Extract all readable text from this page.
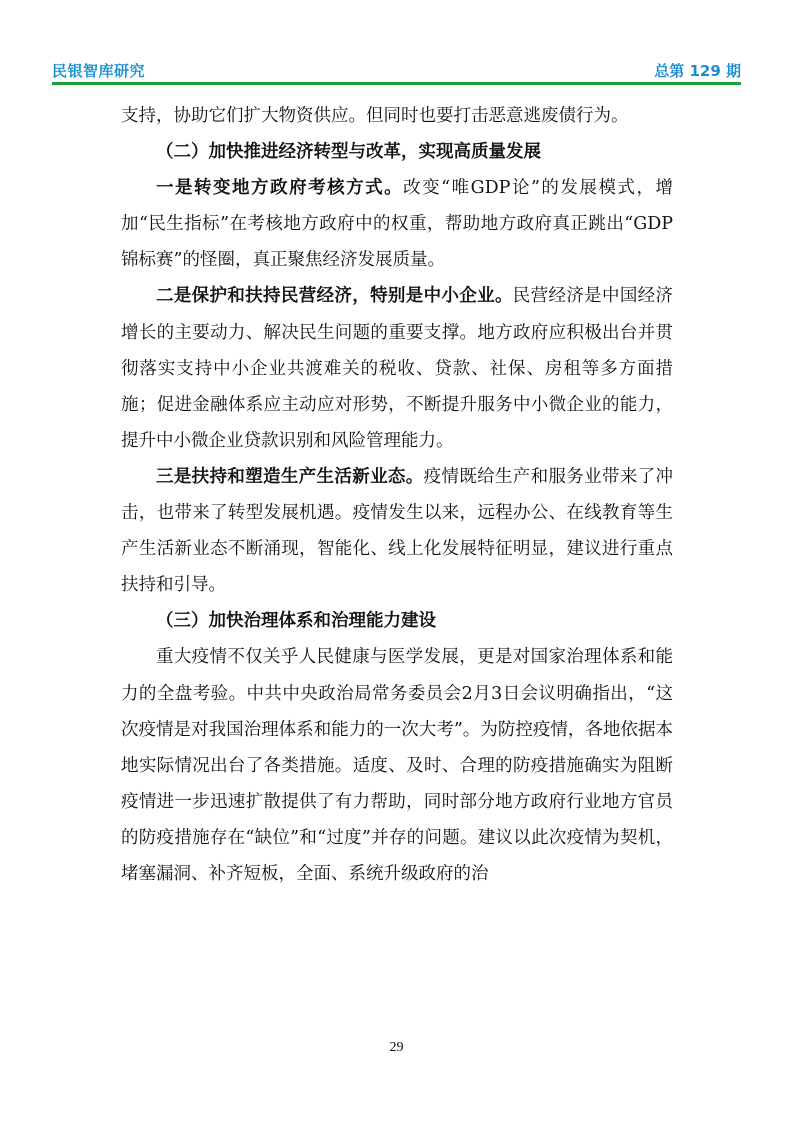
民银智库研究	总第 129 期

支持，协助它们扩大物资供应。但同时也要打击恶意逃废债行为。

（二）加快推进经济转型与改革，实现高质量发展

一是转变地方政府考核方式。改变“唯GDP论”的发展模式，增加“民生指标”在考核地方政府中的权重，帮助地方政府真正跳出“GDP锦标赛”的怪圈，真正聚焦经济发展质量。

二是保护和扶持民营经济，特别是中小企业。民营经济是中国经济增长的主要动力、解决民生问题的重要支撑。地方政府应积极出台并贯彻落实支持中小企业共渡难关的税收、贷款、社保、房租等多方面措施；促进金融体系应主动应对形势，不断提升服务中小微企业的能力，提升中小微企业贷款识别和风险管理能力。

三是扶持和塑造生产生活新业态。疫情既给生产和服务业带来了冲击，也带来了转型发展机遇。疫情发生以来，远程办公、在线教育等生产生活新业态不断涌现，智能化、线上化发展特征明显，建议进行重点扶持和引导。

（三）加快治理体系和治理能力建设

重大疫情不仅关乎人民健康与医学发展，更是对国家治理体系和能力的全盘考验。中共中央政治局常务委员会2月3日会议明确指出，“这次疫情是对我国治理体系和能力的一次大考”。为防控疫情，各地依据本地实际情况出台了各类措施。适度、及时、合理的防疫措施确实为阻断疫情进一步迅速扩散提供了有力帮助，同时部分地方政府行业地方官员的防疫措施存在“缺位”和“过度”并存的问题。建议以此次疫情为契机，堵塞漏洞、补齐短板，全面、系统升级政府的治

29
